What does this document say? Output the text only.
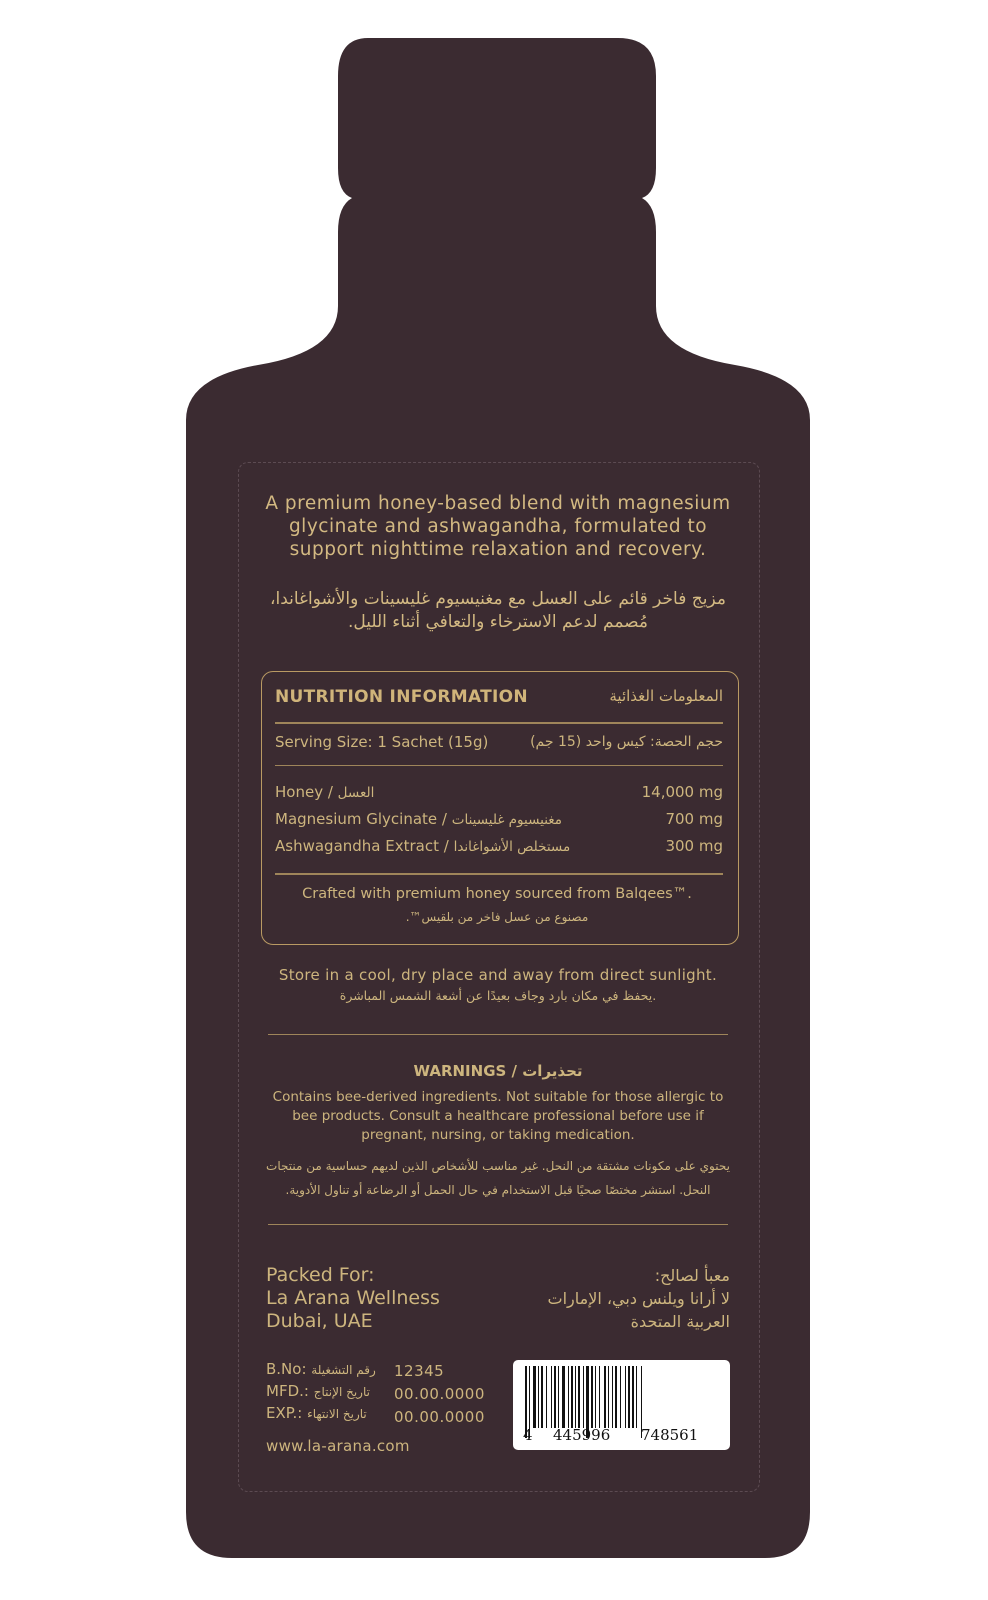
A premium honey-based blend with magnesium glycinate and ashwagandha, formulated to support nighttime relaxation and recovery.
مزيج فاخر قائم على العسل مع مغنيسيوم غليسينات والأشواغاندا، مُصمم لدعم الاسترخاء والتعافي أثناء الليل.
NUTRITION INFORMATION	المعلومات الغذائية
Serving Size: 1 Sachet (15g)	حجم الحصة: كيس واحد (15 جم)
Honey / العسل	14,000 mg
Magnesium Glycinate / مغنيسيوم غليسينات	700 mg
Ashwagandha Extract / مستخلص الأشواغاندا	300 mg
Crafted with premium honey sourced from Balqees™.
مصنوع من عسل فاخر من بلقيس™.
Store in a cool, dry place and away from direct sunlight.
يحفظ في مكان بارد وجاف بعيدًا عن أشعة الشمس المباشرة.
WARNINGS / تحذيرات
Contains bee-derived ingredients. Not suitable for those allergic to bee products. Consult a healthcare professional before use if pregnant, nursing, or taking medication.
يحتوي على مكونات مشتقة من النحل. غير مناسب للأشخاص الذين لديهم حساسية من منتجات النحل. استشر مختصًا صحيًا قبل الاستخدام في حال الحمل أو الرضاعة أو تناول الأدوية.
Packed For:
La Arana Wellness
Dubai, UAE
معبأ لصالح:
لا أرانا ويلنس دبي، الإمارات
العربية المتحدة
B.No: رقم التشغيلة 12345
MFD.: تاريخ الإنتاج 00.00.0000
EXP.: تاريخ الانتهاء 00.00.0000
www.la-arana.com
4 445996 748561
